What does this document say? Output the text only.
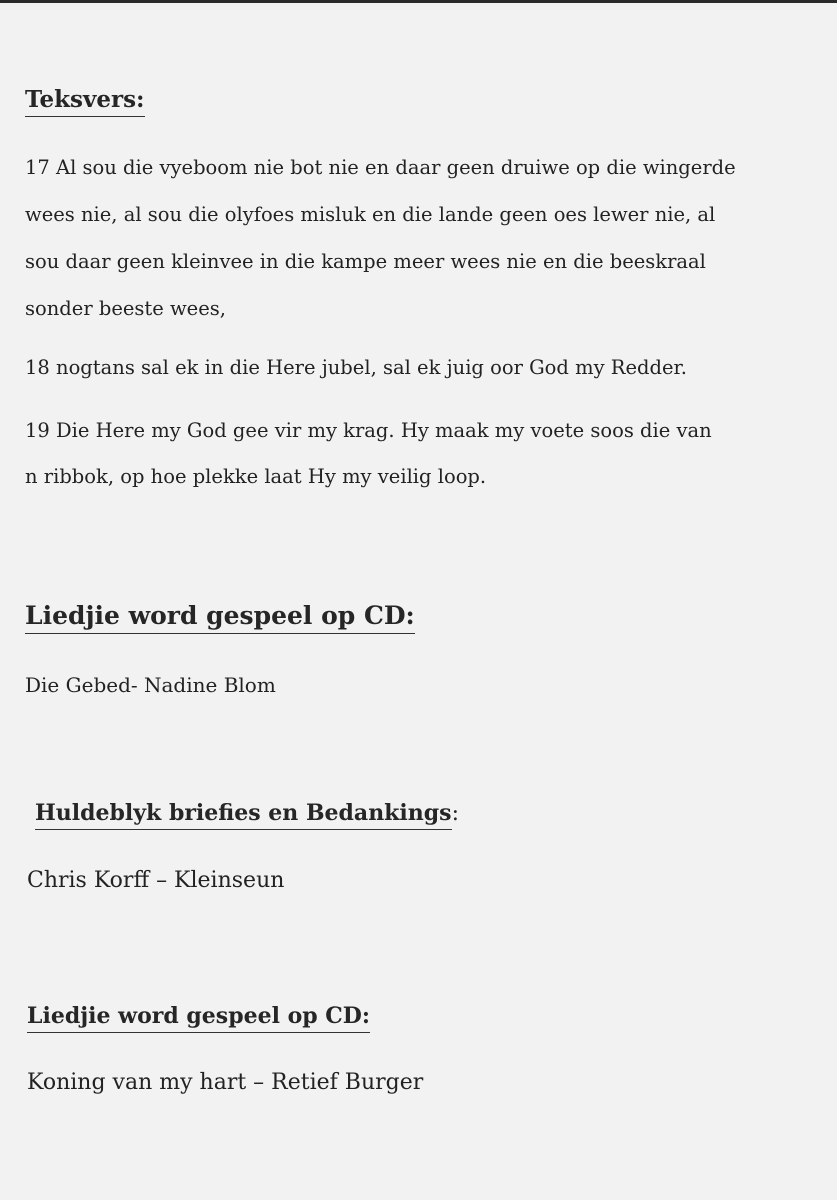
Teksvers:
17 Al sou die vyeboom nie bot nie en daar geen druiwe op die wingerde
wees nie, al sou die olyfoes misluk en die lande geen oes lewer nie, al
sou daar geen kleinvee in die kampe meer wees nie en die beeskraal
sonder beeste wees,
18 nogtans sal ek in die Here jubel, sal ek juig oor God my Redder.
19 Die Here my God gee vir my krag. Hy maak my voete soos die van
n ribbok, op hoe plekke laat Hy my veilig loop.
Liedjie word gespeel op CD:
Die Gebed- Nadine Blom
Huldeblyk briefies en Bedankings:
Chris Korff – Kleinseun
Liedjie word gespeel op CD:
Koning van my hart – Retief Burger
